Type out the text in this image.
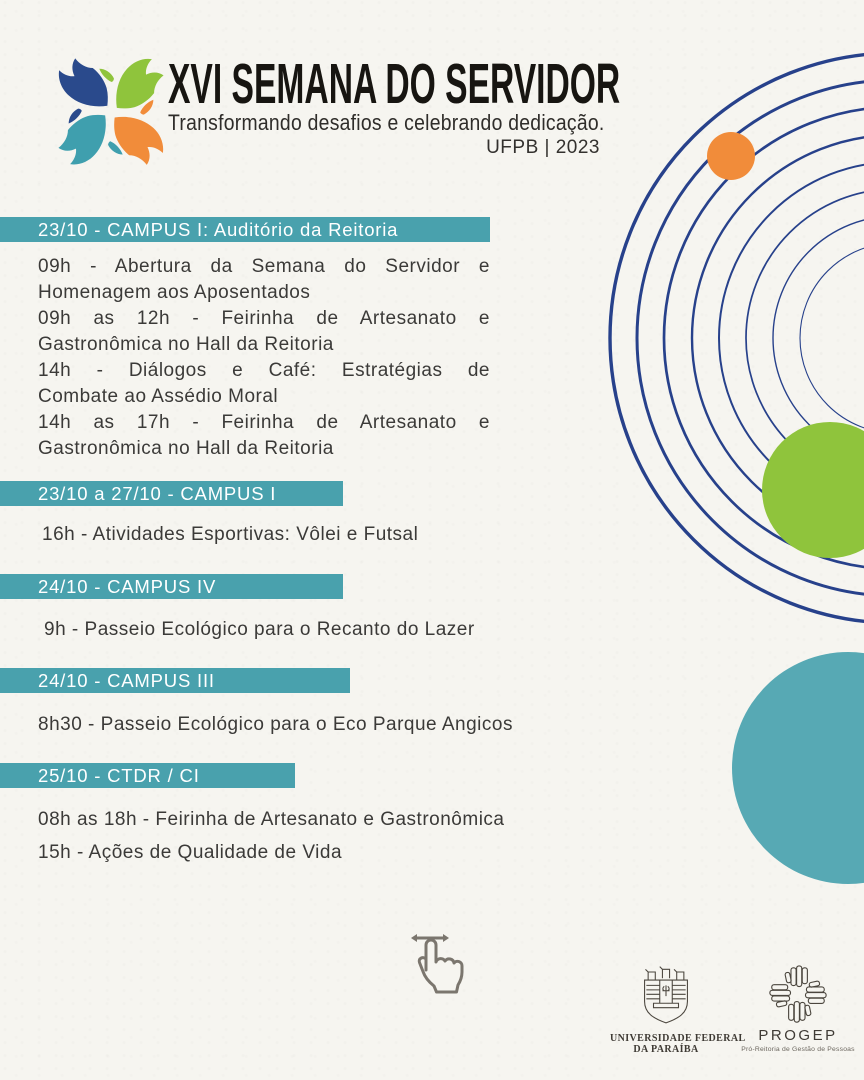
XVI SEMANA DO SERVIDOR
Transformando desafios e celebrando dedicação.
UFPB | 2023
23/10 - CAMPUS I: Auditório da Reitoria
09h - Abertura da Semana do Servidor e
Homenagem aos Aposentados
09h as 12h - Feirinha de Artesanato e
Gastronômica no Hall da Reitoria
14h - Diálogos e Café: Estratégias de
Combate ao Assédio Moral
14h as 17h - Feirinha de Artesanato e
Gastronômica no Hall da Reitoria
23/10 a 27/10 - CAMPUS I
16h - Atividades Esportivas: Vôlei e Futsal
24/10 - CAMPUS IV
9h - Passeio Ecológico para o Recanto do Lazer
24/10 - CAMPUS III
8h30 - Passeio Ecológico para o Eco Parque Angicos
25/10 - CTDR / CI
08h as 18h - Feirinha de Artesanato e Gastronômica
15h - Ações de Qualidade de Vida
UNIVERSIDADE FEDERAL
DA PARAÍBA
PROGEP
Pró-Reitoria de Gestão de Pessoas
